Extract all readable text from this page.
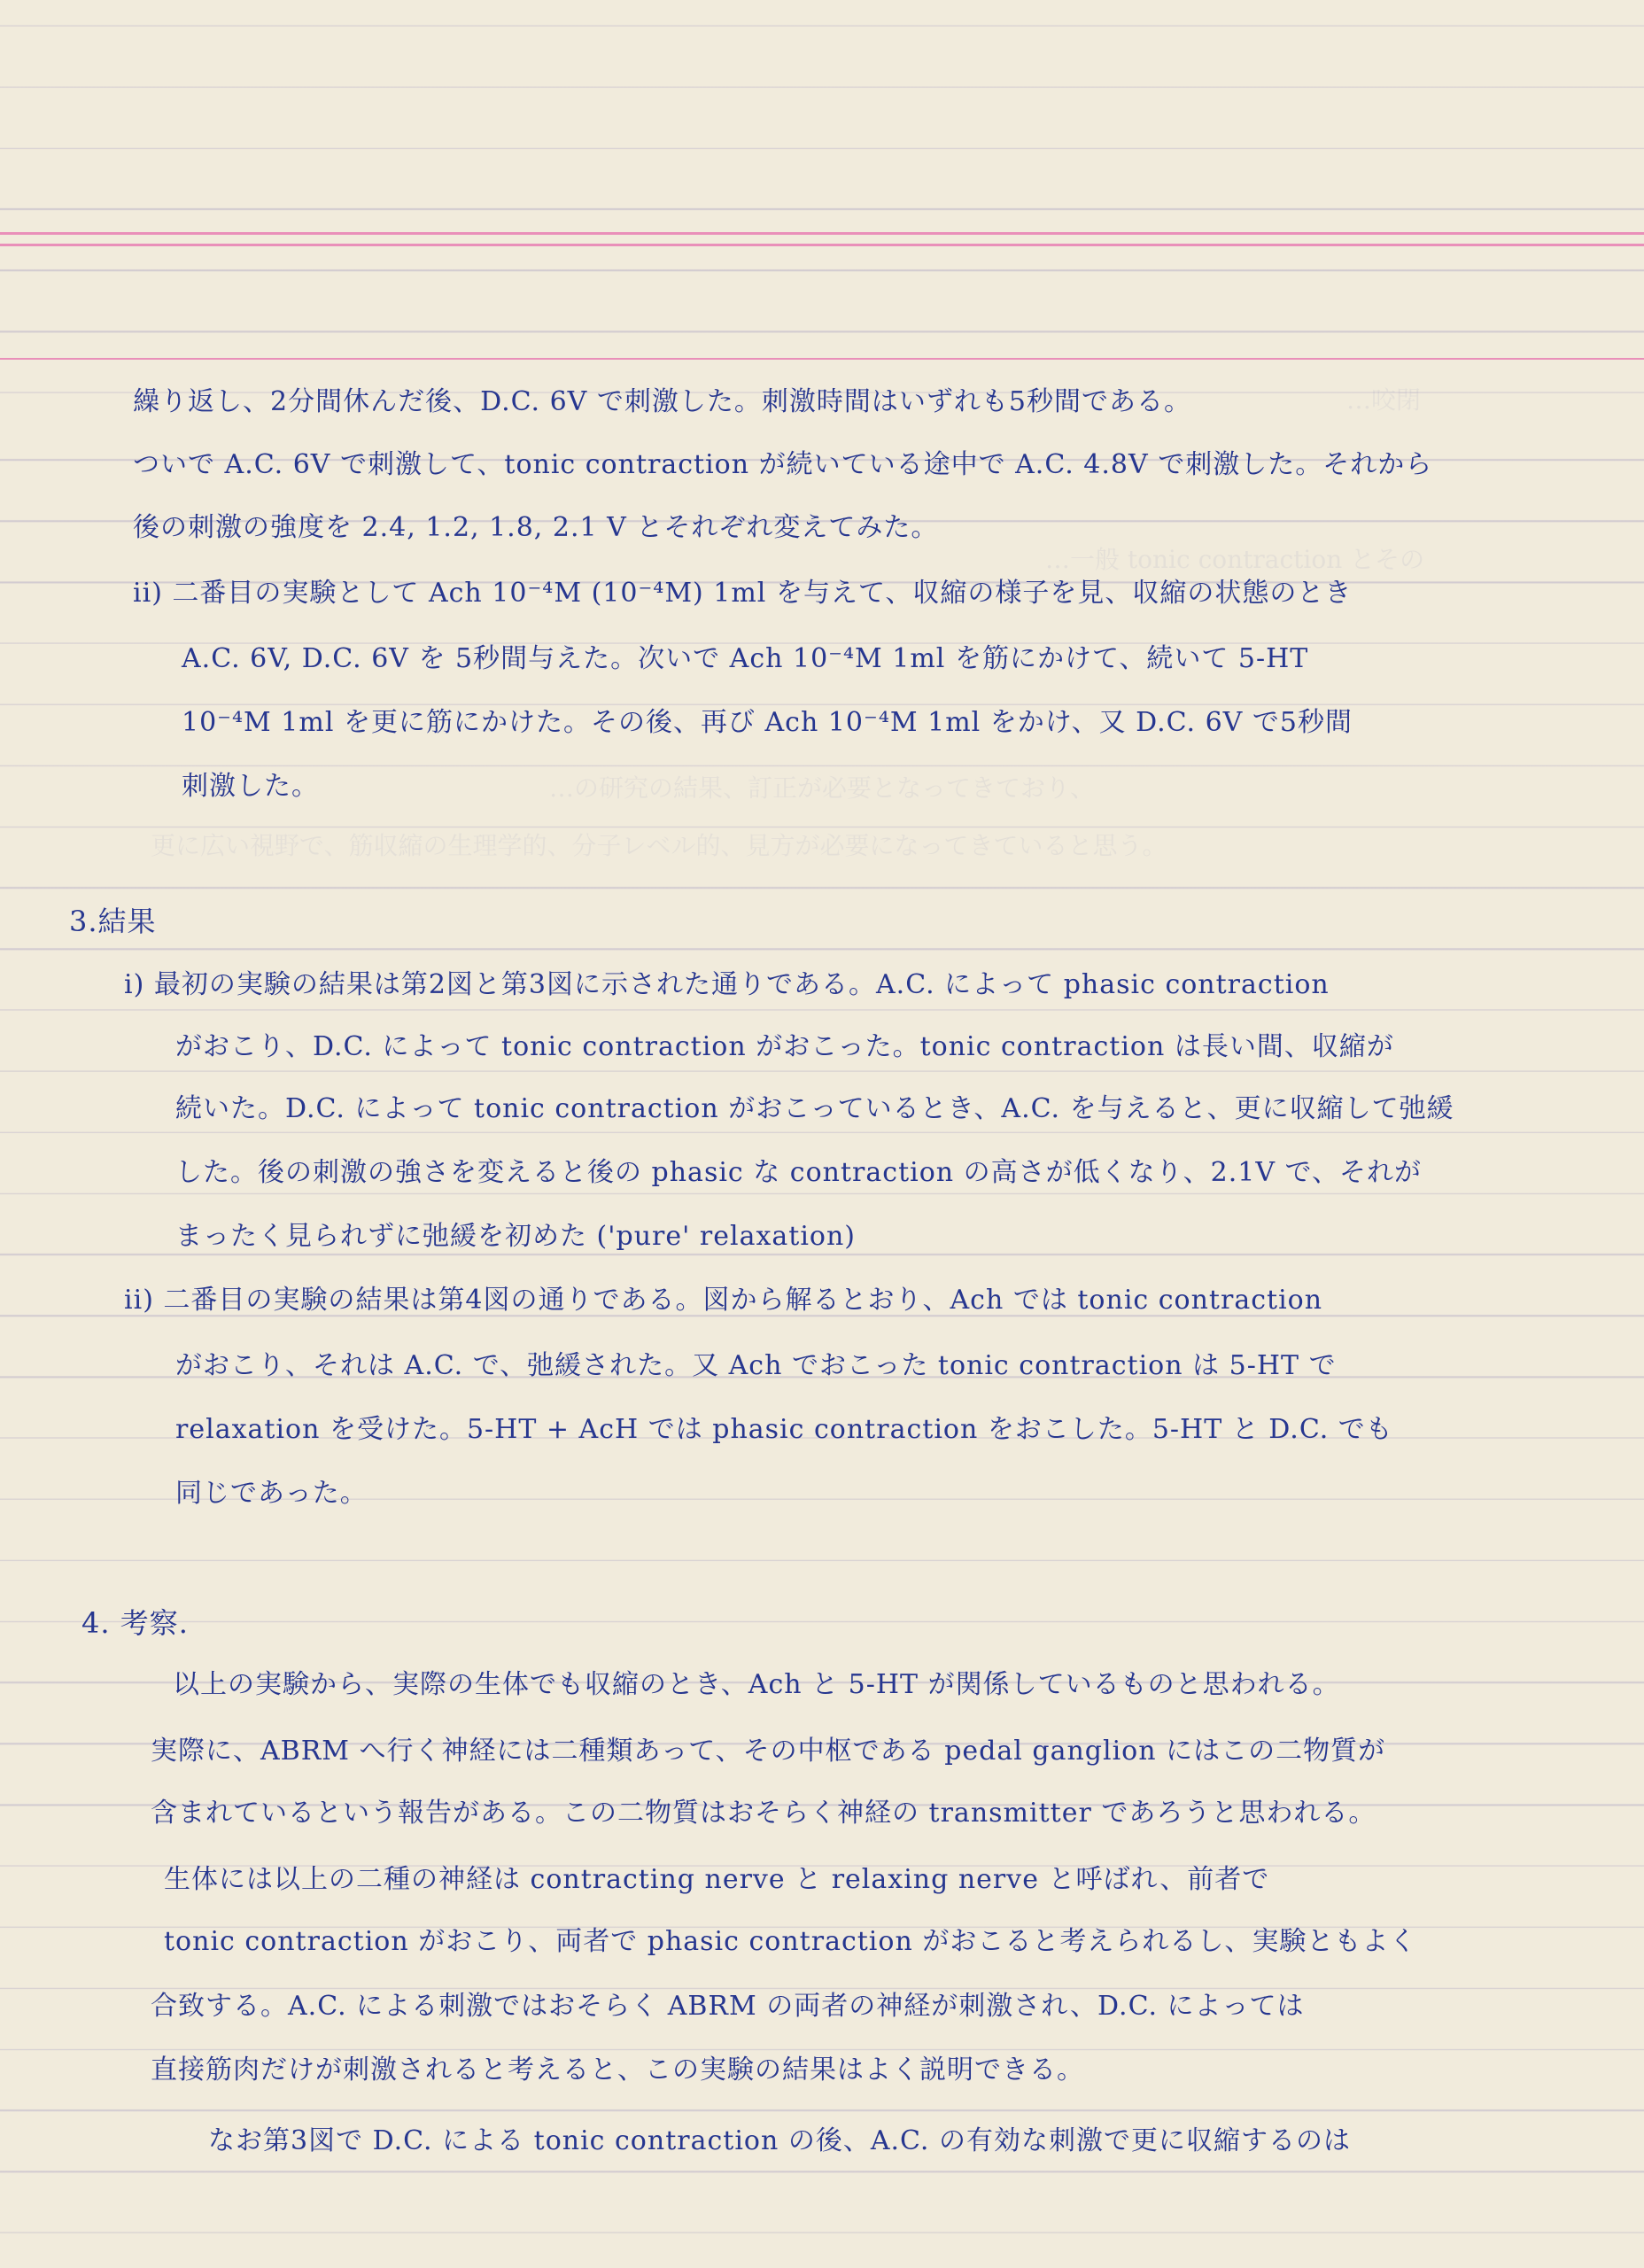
…咬閉
…一般 tonic contraction とその
…の研究の結果、訂正が必要となってきており、
更に広い視野で、筋収縮の生理学的、分子レベル的、見方が必要になってきていると思う。
繰り返し、2分間休んだ後、D.C. 6V で刺激した。刺激時間はいずれも5秒間である。
ついで A.C. 6V で刺激して、tonic contraction が続いている途中で A.C. 4.8V で刺激した。それから
後の刺激の強度を 2.4, 1.2, 1.8, 2.1 V とそれぞれ変えてみた。
ii) 二番目の実験として Ach 10⁻⁴M (10⁻⁴M) 1ml を与えて、収縮の様子を見、収縮の状態のとき
A.C. 6V, D.C. 6V を 5秒間与えた。次いで Ach 10⁻⁴M 1ml を筋にかけて、続いて 5-HT
10⁻⁴M 1ml を更に筋にかけた。その後、再び Ach 10⁻⁴M 1ml をかけ、又 D.C. 6V で5秒間
刺激した。
3.結果
i) 最初の実験の結果は第2図と第3図に示された通りである。A.C. によって phasic contraction
がおこり、D.C. によって tonic contraction がおこった。tonic contraction は長い間、収縮が
続いた。D.C. によって tonic contraction がおこっているとき、A.C. を与えると、更に収縮して弛緩
した。後の刺激の強さを変えると後の phasic な contraction の高さが低くなり、2.1V で、それが
まったく見られずに弛緩を初めた ('pure' relaxation)
ii) 二番目の実験の結果は第4図の通りである。図から解るとおり、Ach では tonic contraction
がおこり、それは A.C. で、弛緩された。又 Ach でおこった tonic contraction は 5-HT で
relaxation を受けた。5-HT + AcH では phasic contraction をおこした。5-HT と D.C. でも
同じであった。
4. 考察.
以上の実験から、実際の生体でも収縮のとき、Ach と 5-HT が関係しているものと思われる。
実際に、ABRM へ行く神経には二種類あって、その中枢である pedal ganglion にはこの二物質が
含まれているという報告がある。この二物質はおそらく神経の transmitter であろうと思われる。
生体には以上の二種の神経は contracting nerve と relaxing nerve と呼ばれ、前者で
tonic contraction がおこり、両者で phasic contraction がおこると考えられるし、実験ともよく
合致する。A.C. による刺激ではおそらく ABRM の両者の神経が刺激され、D.C. によっては
直接筋肉だけが刺激されると考えると、この実験の結果はよく説明できる。
なお第3図で D.C. による tonic contraction の後、A.C. の有効な刺激で更に収縮するのは
